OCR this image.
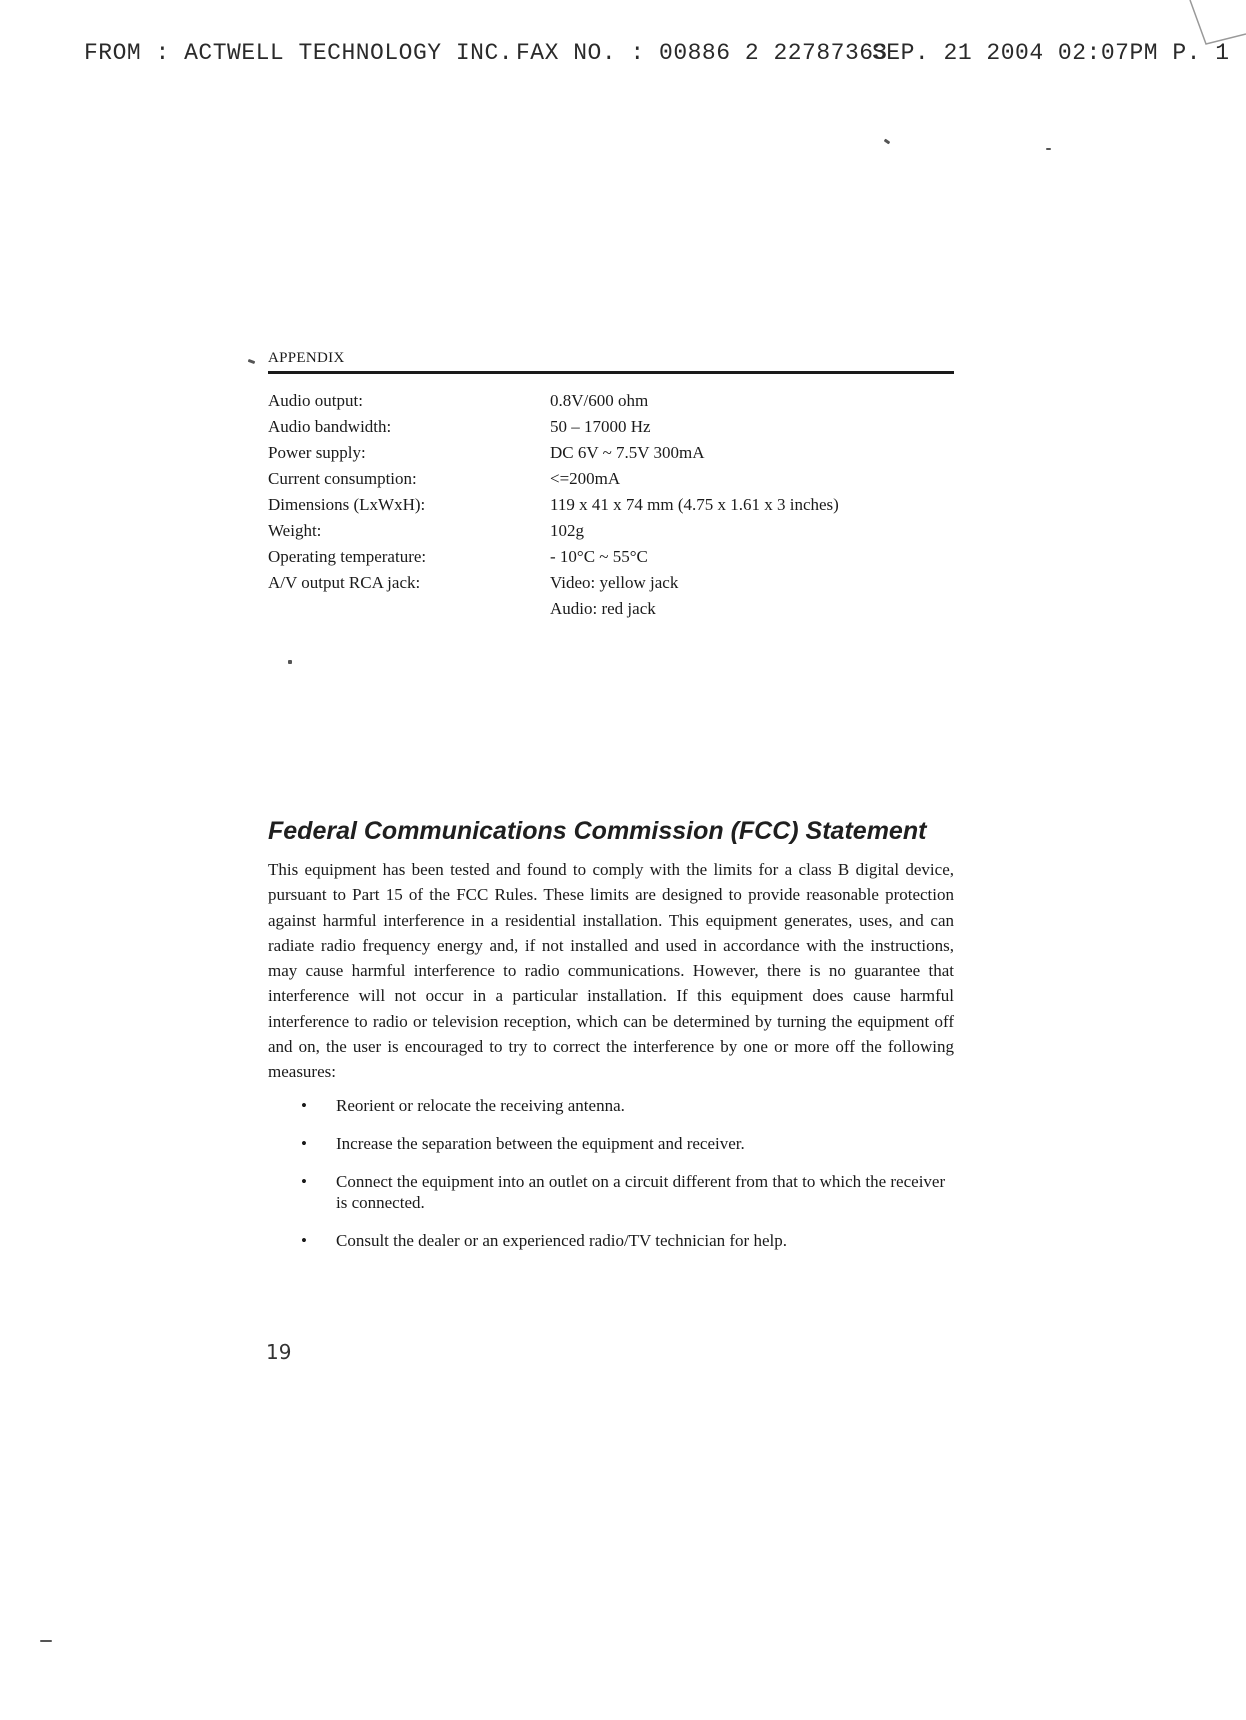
FROM : ACTWELL TECHNOLOGY INC. FAX NO. : 00886 2 22787363
SEP. 21 2004 02:07PM P. 1
APPENDIX
Audio output:	0.8V/600 ohm
Audio bandwidth:	50 – 17000 Hz
Power supply:	DC 6V ~ 7.5V 300mA
Current consumption:	<=200mA
Dimensions (LxWxH):	119 x 41 x 74 mm (4.75 x 1.61 x 3 inches)
Weight:	102g
Operating temperature:	- 10°C ~ 55°C
A/V output RCA jack:	Video: yellow jack
	Audio: red jack
Federal Communications Commission (FCC) Statement

This equipment has been tested and found to comply with the limits for a class B digital device, pursuant to Part 15 of the FCC Rules. These limits are designed to provide reasonable protection against harmful interference in a residential installation. This equipment generates, uses, and can radiate radio frequency energy and, if not installed and used in accordance with the instructions, may cause harmful interference to radio communications. However, there is no guarantee that interference will not occur in a particular installation. If this equipment does cause harmful interference to radio or television reception, which can be determined by turning the equipment off and on, the user is encouraged to try to correct the interference by one or more off the following measures:

• Reorient or relocate the receiving antenna.
• Increase the separation between the equipment and receiver.
• Connect the equipment into an outlet on a circuit different from that to which the receiver is connected.
• Consult the dealer or an experienced radio/TV technician for help.
19
